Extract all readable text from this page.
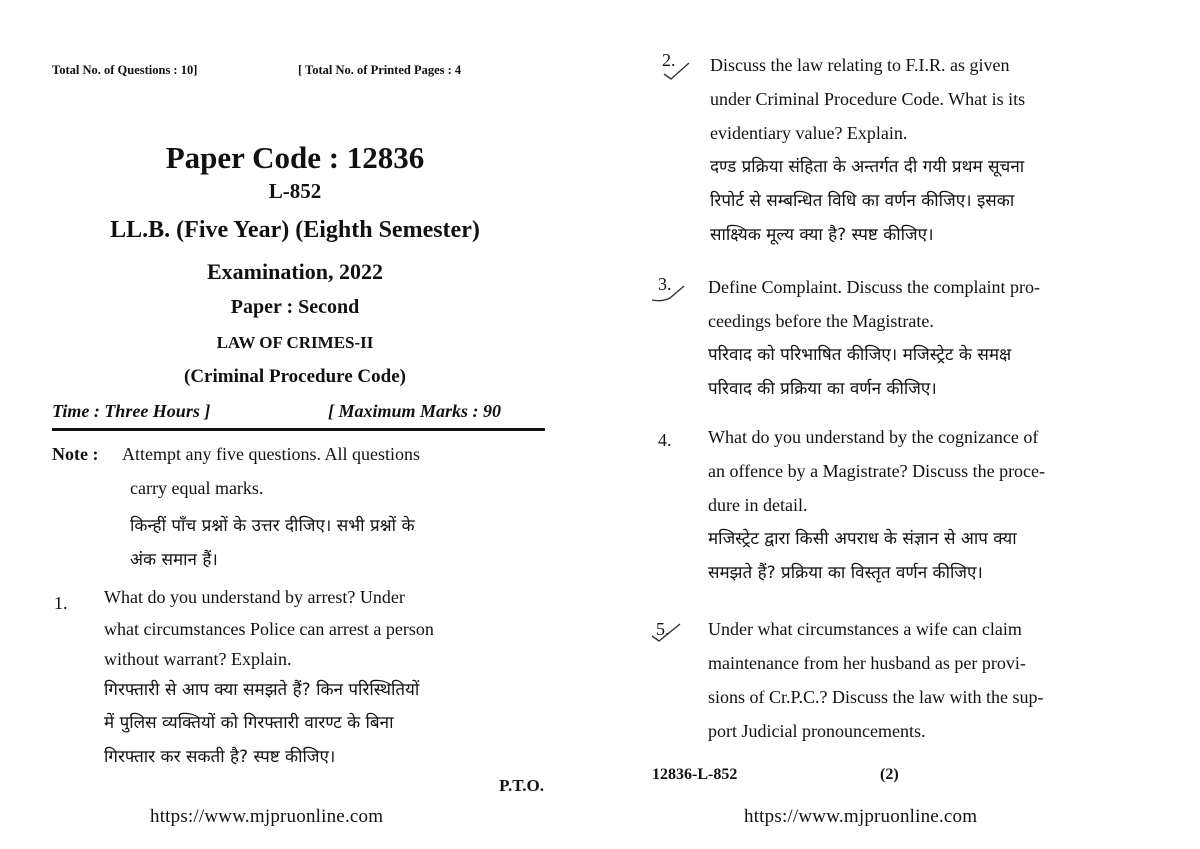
Total No. of Questions : 10]	[ Total No. of Printed Pages : 4
Paper Code : 12836
L-852
LL.B. (Five Year) (Eighth Semester)
Examination, 2022
Paper : Second
LAW OF CRIMES-II
(Criminal Procedure Code)
Time : Three Hours ]	[ Maximum Marks : 90
Note : Attempt any five questions. All questions
carry equal marks.
किन्हीं पाँच प्रश्नों के उत्तर दीजिए। सभी प्रश्नों के
अंक समान हैं।
1. What do you understand by arrest? Under
what circumstances Police can arrest a person
without warrant? Explain.
गिरफ्तारी से आप क्या समझते हैं? किन परिस्थितियों
में पुलिस व्यक्तियों को गिरफ्तारी वारण्ट के बिना
गिरफ्तार कर सकती है? स्पष्ट कीजिए।
P.T.O.
https://www.mjpruonline.com
2. Discuss the law relating to F.I.R. as given
under Criminal Procedure Code. What is its
evidentiary value? Explain.
दण्ड प्रक्रिया संहिता के अन्तर्गत दी गयी प्रथम सूचना
रिपोर्ट से सम्बन्धित विधि का वर्णन कीजिए। इसका
साक्ष्यिक मूल्य क्या है? स्पष्ट कीजिए।
3. Define Complaint. Discuss the complaint pro-
ceedings before the Magistrate.
परिवाद को परिभाषित कीजिए। मजिस्ट्रेट के समक्ष
परिवाद की प्रक्रिया का वर्णन कीजिए।
4. What do you understand by the cognizance of
an offence by a Magistrate? Discuss the proce-
dure in detail.
मजिस्ट्रेट द्वारा किसी अपराध के संज्ञान से आप क्या
समझते हैं? प्रक्रिया का विस्तृत वर्णन कीजिए।
5. Under what circumstances a wife can claim
maintenance from her husband as per provi-
sions of Cr.P.C.? Discuss the law with the sup-
port Judicial pronouncements.
12836-L-852	(2)
https://www.mjpruonline.com
